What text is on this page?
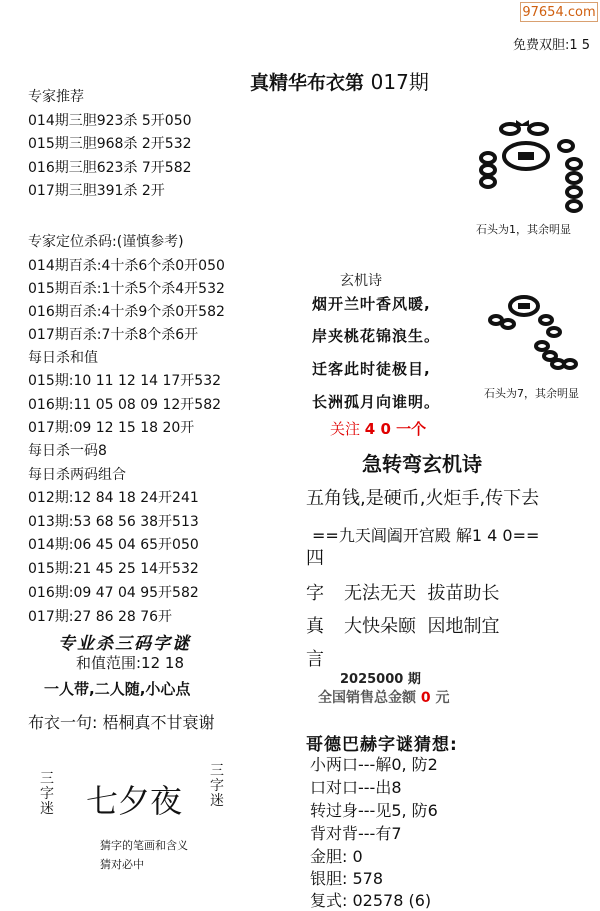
97654.com
免费双胆:1 5
真精华布衣第 017期
专家推荐
014期三胆923杀 5开050
015期三胆968杀 2开532
016期三胆623杀 7开582
017期三胆391杀 2开
专家定位杀码:(谨慎参考)
014期百杀:4十杀6个杀0开050
015期百杀:1十杀5个杀4开532
016期百杀:4十杀9个杀0开582
017期百杀:7十杀8个杀6开
每日杀和值
015期:10 11 12 14 17开532
016期:11 05 08 09 12开582
017期:09 12 15 18 20开
每日杀一码8
每日杀两码组合
012期:12 84 18 24开241
013期:53 68 56 38开513
014期:06 45 04 65开050
015期:21 45 25 14开532
016期:09 47 04 95开582
017期:27 86 28 76开
专业杀三码字谜
和值范围:12 18
一人带,二人随,小心点
布衣一句: 梧桐真不甘衰谢
三
字
迷 七夕夜
三
字
迷
猜字的笔画和含义
猜对必中
石头为1，其余明显
石头为7，其余明显
玄机诗
烟开兰叶香风暖,
岸夹桃花锦浪生。
迁客此时徒极目,
长洲孤月向谁明。
关注 4 0 一个
急转弯玄机诗
五角钱,是硬币,火炬手,传下去
==九天阊阖开宫殿 解1 4 0==
四
字
真
言
无法无天  拔苗助长
大快朵颐  因地制宜
2025000 期
全国销售总金额 0 元
哥德巴赫字谜猜想:
小两口---解0, 防2
口对口---出8
转过身---见5, 防6
背对背---有7
金胆: 0
银胆: 578
复式: 02578 (6)
